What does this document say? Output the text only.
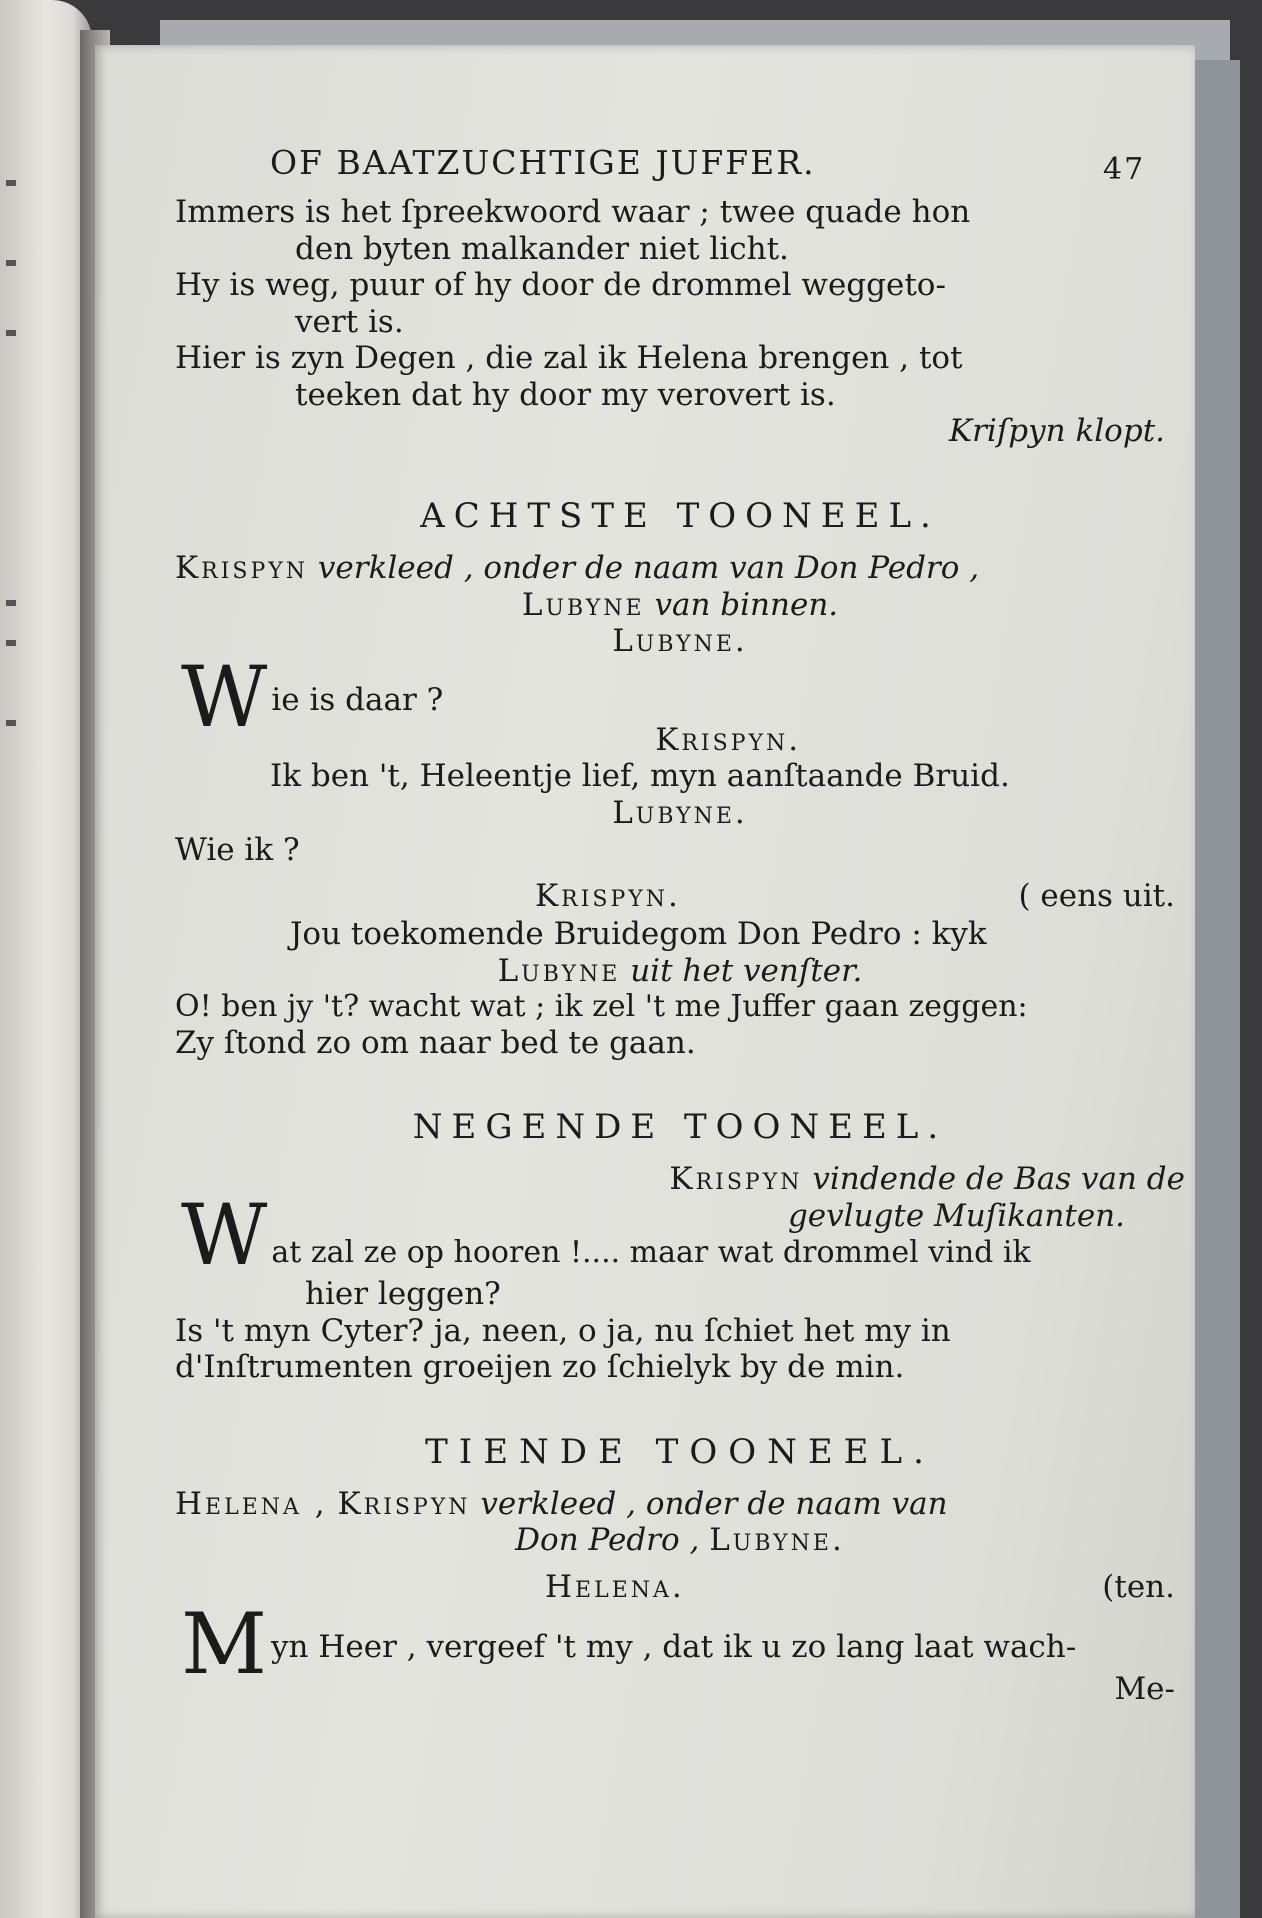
OF BAATZUCHTIGE JUFFER.	47
Immers is het ſpreekwoord waar ; twee quade hon
den byten malkander niet licht.
Hy is weg, puur of hy door de drommel weggeto-
vert is.
Hier is zyn Degen , die zal ik Helena brengen , tot
teeken dat hy door my verovert is.
Kriſpyn klopt.
ACHTSTE TOONEEL.
Krispyn verkleed , onder de naam van Don Pedro ,
Lubyne van binnen.
Lubyne.
W ie is daar ?
Krispyn.
Ik ben 't, Heleentje lief, myn aanſtaande Bruid.
Lubyne.
Wie ik ?
Krispyn.	( eens uit.
Jou toekomende Bruidegom Don Pedro : kyk
Lubyne uit het venſter.
O! ben jy 't? wacht wat ; ik zel 't me Juffer gaan zeggen:
Zy ſtond zo om naar bed te gaan.
NEGENDE TOONEEL.
Krispyn vindende de Bas van de
W	gevlugte Muſikanten.
at zal ze op hooren !.... maar wat drommel vind ik
hier leggen?
Is 't myn Cyter? ja, neen, o ja, nu ſchiet het my in
d'Inſtrumenten groeijen zo ſchielyk by de min.
TIENDE TOONEEL.
Helena , Krispyn verkleed , onder de naam van
Don Pedro , Lubyne.
Helena.	(ten.
M yn Heer , vergeef 't my , dat ik u zo lang laat wach-
Me-
